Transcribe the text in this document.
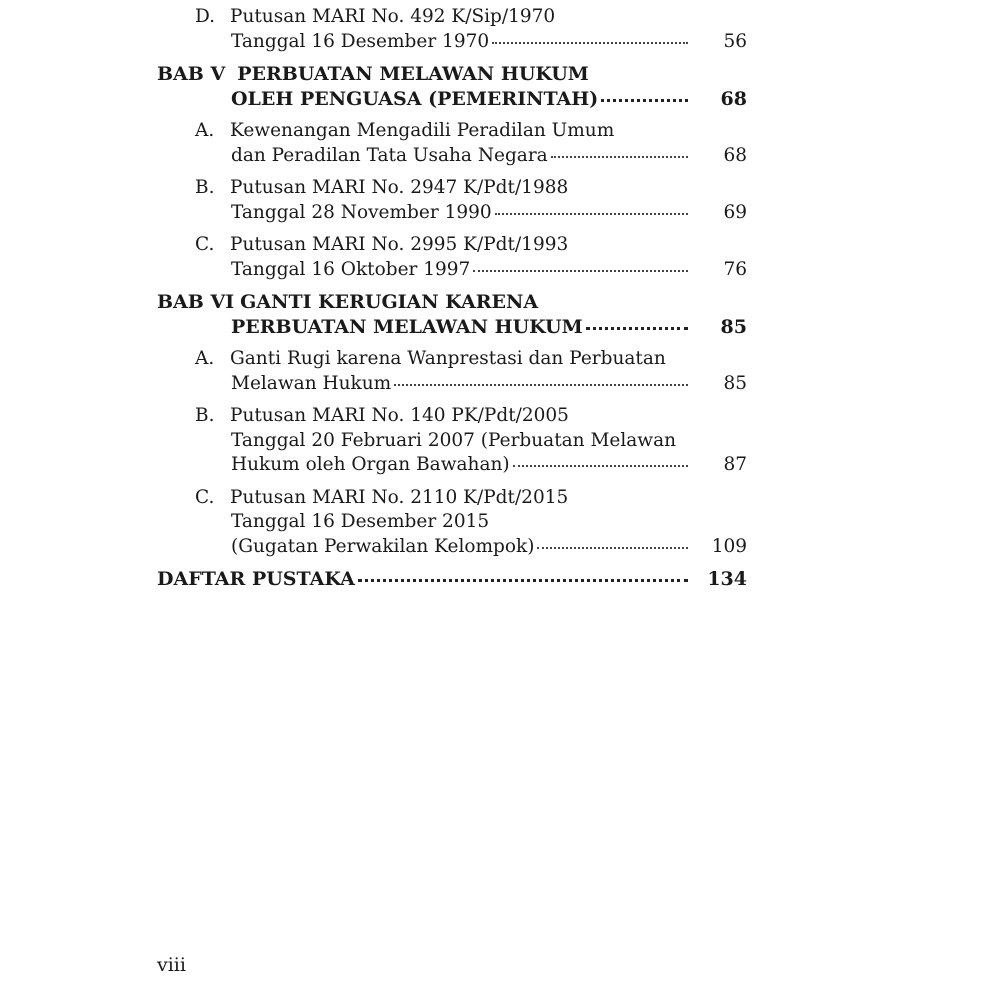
D. Putusan MARI No. 492 K/Sip/1970
Tanggal 16 Desember 1970	56
BAB V PERBUATAN MELAWAN HUKUM
OLEH PENGUASA (PEMERINTAH)	68
A. Kewenangan Mengadili Peradilan Umum
dan Peradilan Tata Usaha Negara	68
B. Putusan MARI No. 2947 K/Pdt/1988
Tanggal 28 November 1990	69
C. Putusan MARI No. 2995 K/Pdt/1993
Tanggal 16 Oktober 1997	76
BAB VI GANTI KERUGIAN KARENA
PERBUATAN MELAWAN HUKUM	85
A. Ganti Rugi karena Wanprestasi dan Perbuatan
Melawan Hukum	85
B. Putusan MARI No. 140 PK/Pdt/2005
Tanggal 20 Februari 2007 (Perbuatan Melawan
Hukum oleh Organ Bawahan)	87
C. Putusan MARI No. 2110 K/Pdt/2015
Tanggal 16 Desember 2015
(Gugatan Perwakilan Kelompok)	109
DAFTAR PUSTAKA	134
viii
